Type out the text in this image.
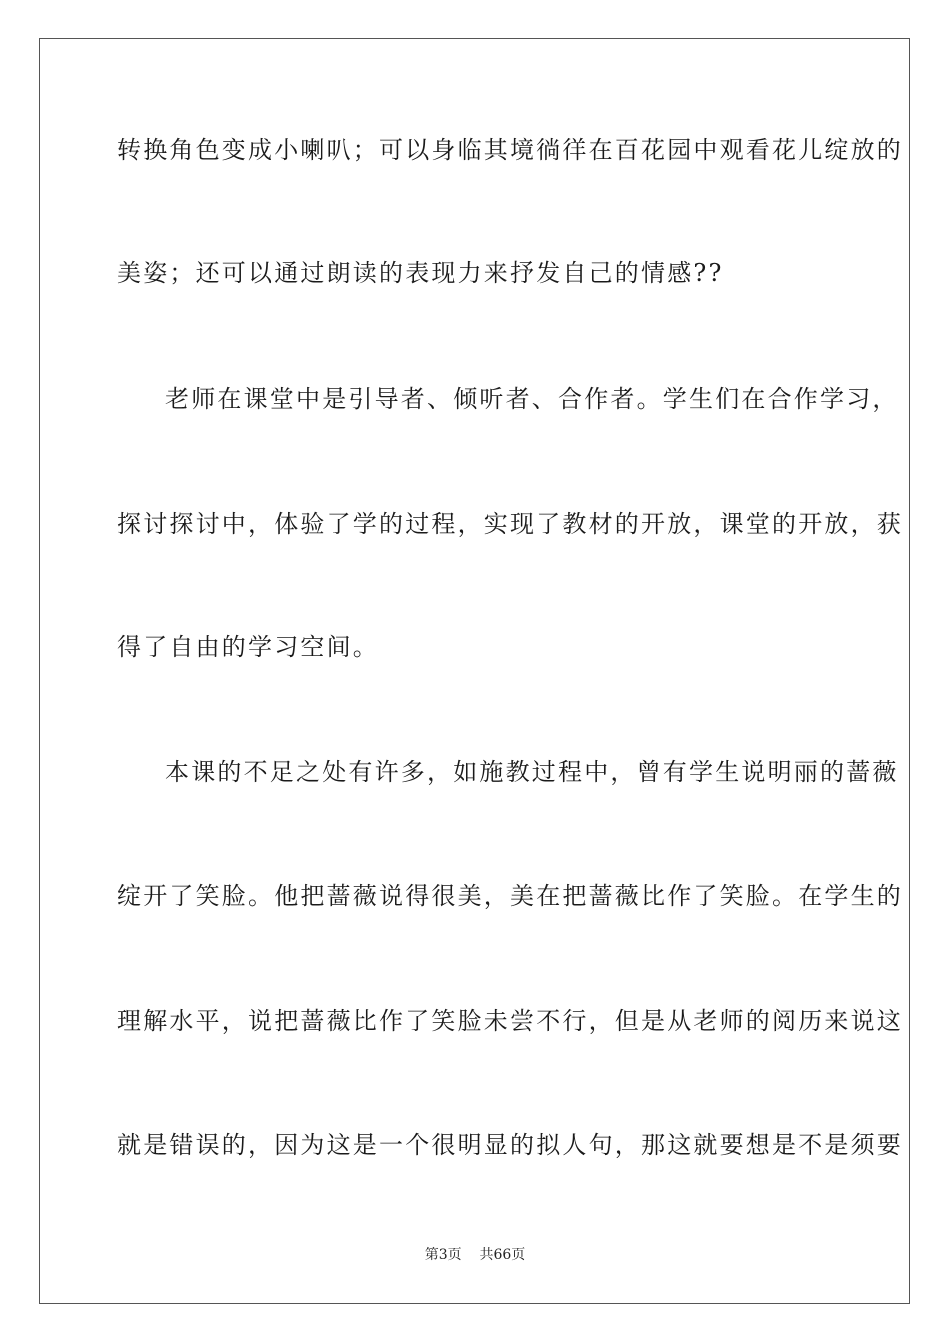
转换角色变成小喇叭；可以身临其境徜徉在百花园中观看花儿绽放的
美姿；还可以通过朗读的表现力来抒发自己的情感??
老师在课堂中是引导者、倾听者、合作者。学生们在合作学习，
探讨探讨中，体验了学的过程，实现了教材的开放，课堂的开放，获
得了自由的学习空间。
本课的不足之处有许多，如施教过程中，曾有学生说明丽的蔷薇
绽开了笑脸。他把蔷薇说得很美，美在把蔷薇比作了笑脸。在学生的
理解水平，说把蔷薇比作了笑脸未尝不行，但是从老师的阅历来说这
就是错误的，因为这是一个很明显的拟人句，那这就要想是不是须要
第3页 共66页
